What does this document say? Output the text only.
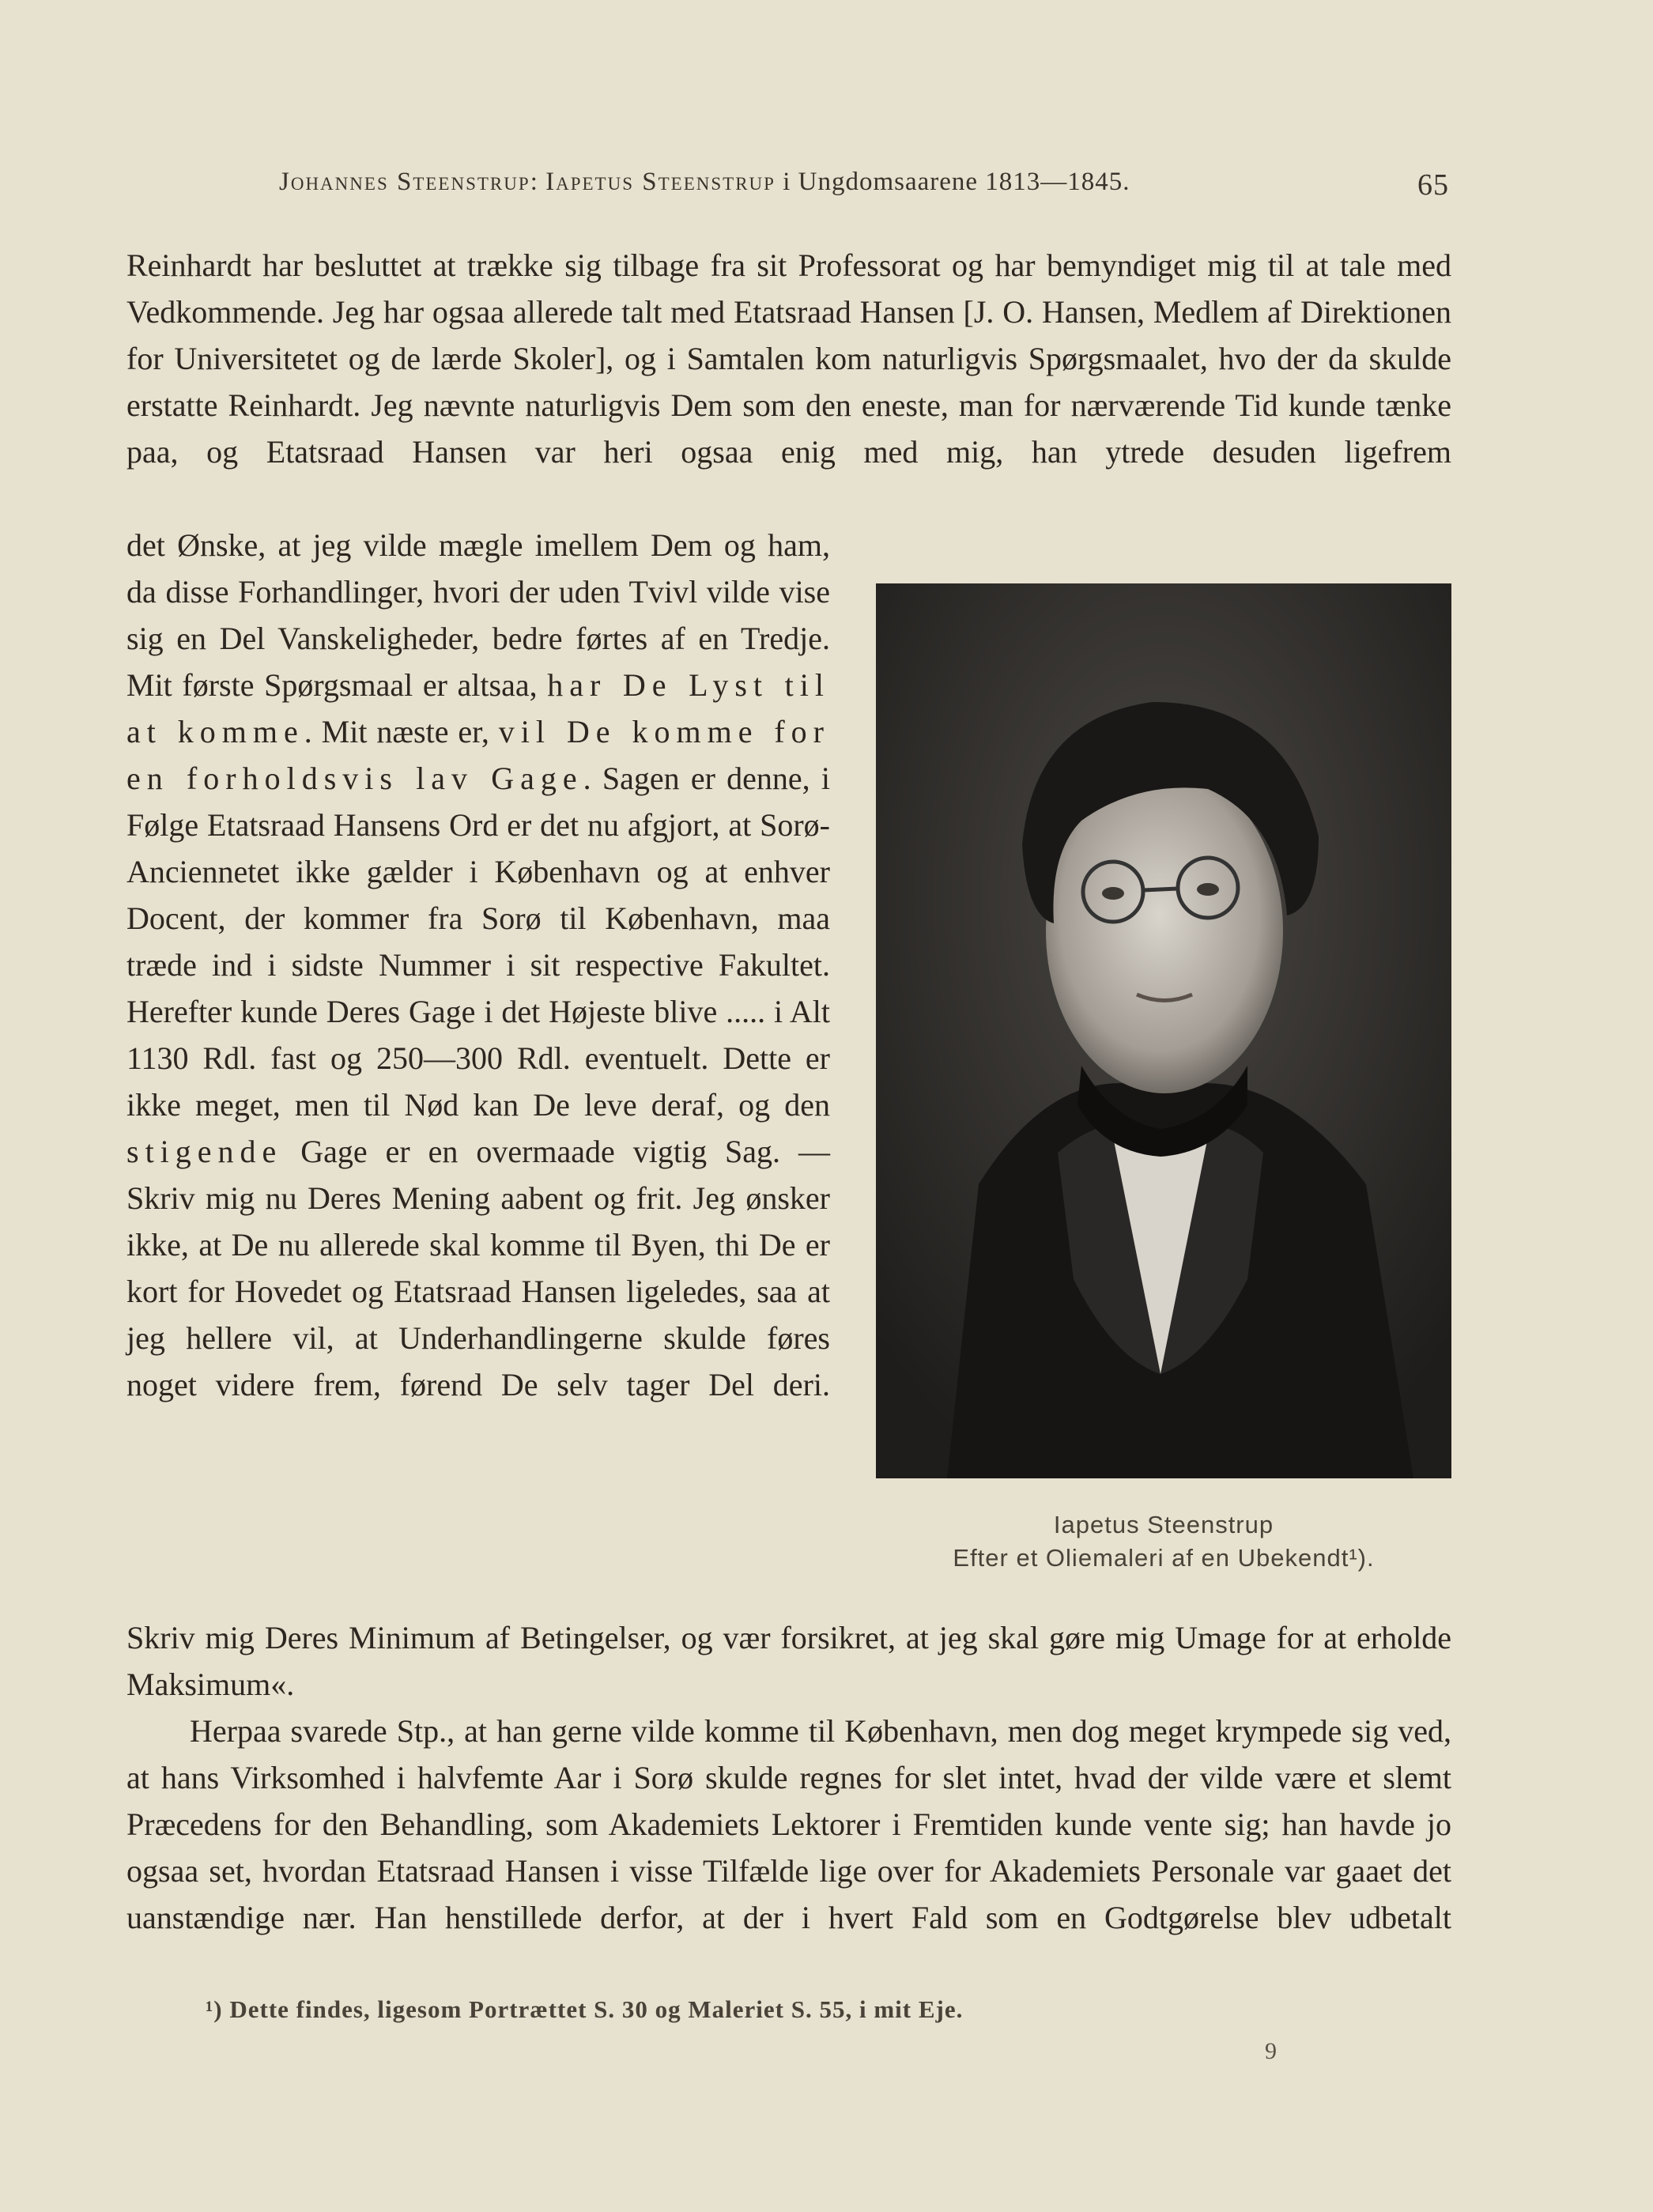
Johannes Steenstrup: Iapetus Steenstrup i Ungdomsaarene 1813—1845.	65

Reinhardt har besluttet at trække sig tilbage fra sit Professorat og har bemyndiget mig til at tale med Vedkommende. Jeg har ogsaa allerede talt med Etatsraad Hansen [J. O. Hansen, Medlem af Direktionen for Universitetet og de lærde Skoler], og i Samtalen kom naturligvis Spørgsmaalet, hvo der da skulde erstatte Reinhardt. Jeg nævnte naturligvis Dem som den eneste, man for nærværende Tid kunde tænke paa, og Etatsraad Hansen var heri ogsaa enig med mig, han ytrede desuden ligefrem

det Ønske, at jeg vilde mægle imellem Dem og ham, da disse Forhandlinger, hvori der uden Tvivl vilde vise sig en Del Vanskeligheder, bedre førtes af en Tredje. Mit første Spørgsmaal er altsaa, har De Lyst til at komme. Mit næste er, vil De komme for en forholdsvis lav Gage. Sagen er denne, i Følge Etatsraad Hansens Ord er det nu afgjort, at Sorø-Anciennetet ikke gælder i København og at enhver Docent, der kommer fra Sorø til København, maa træde ind i sidste Nummer i sit respective Fakultet. Herefter kunde Deres Gage i det Højeste blive ..... i Alt 1130 Rdl. fast og 250—300 Rdl. eventuelt. Dette er ikke meget, men til Nød kan De leve deraf, og den stigende Gage er en overmaade vigtig Sag. — Skriv mig nu Deres Mening aabent og frit. Jeg ønsker ikke, at De nu allerede skal komme til Byen, thi De er kort for Hovedet og Etatsraad Hansen ligeledes, saa at jeg hellere vil, at Underhandlingerne skulde føres noget videre frem, førend De selv tager Del deri.

Iapetus Steenstrup
Efter et Oliemaleri af en Ubekendt¹).

Skriv mig Deres Minimum af Betingelser, og vær forsikret, at jeg skal gøre mig Umage for at erholde Maksimum«.

Herpaa svarede Stp., at han gerne vilde komme til København, men dog meget krympede sig ved, at hans Virksomhed i halvfemte Aar i Sorø skulde regnes for slet intet, hvad der vilde være et slemt Præcedens for den Behandling, som Akademiets Lektorer i Fremtiden kunde vente sig; han havde jo ogsaa set, hvordan Etatsraad Hansen i visse Tilfælde lige over for Akademiets Personale var gaaet det uanstændige nær. Han henstillede derfor, at der i hvert Fald som en Godtgørelse blev udbetalt

¹) Dette findes, ligesom Portrættet S. 30 og Maleriet S. 55, i mit Eje.
9
